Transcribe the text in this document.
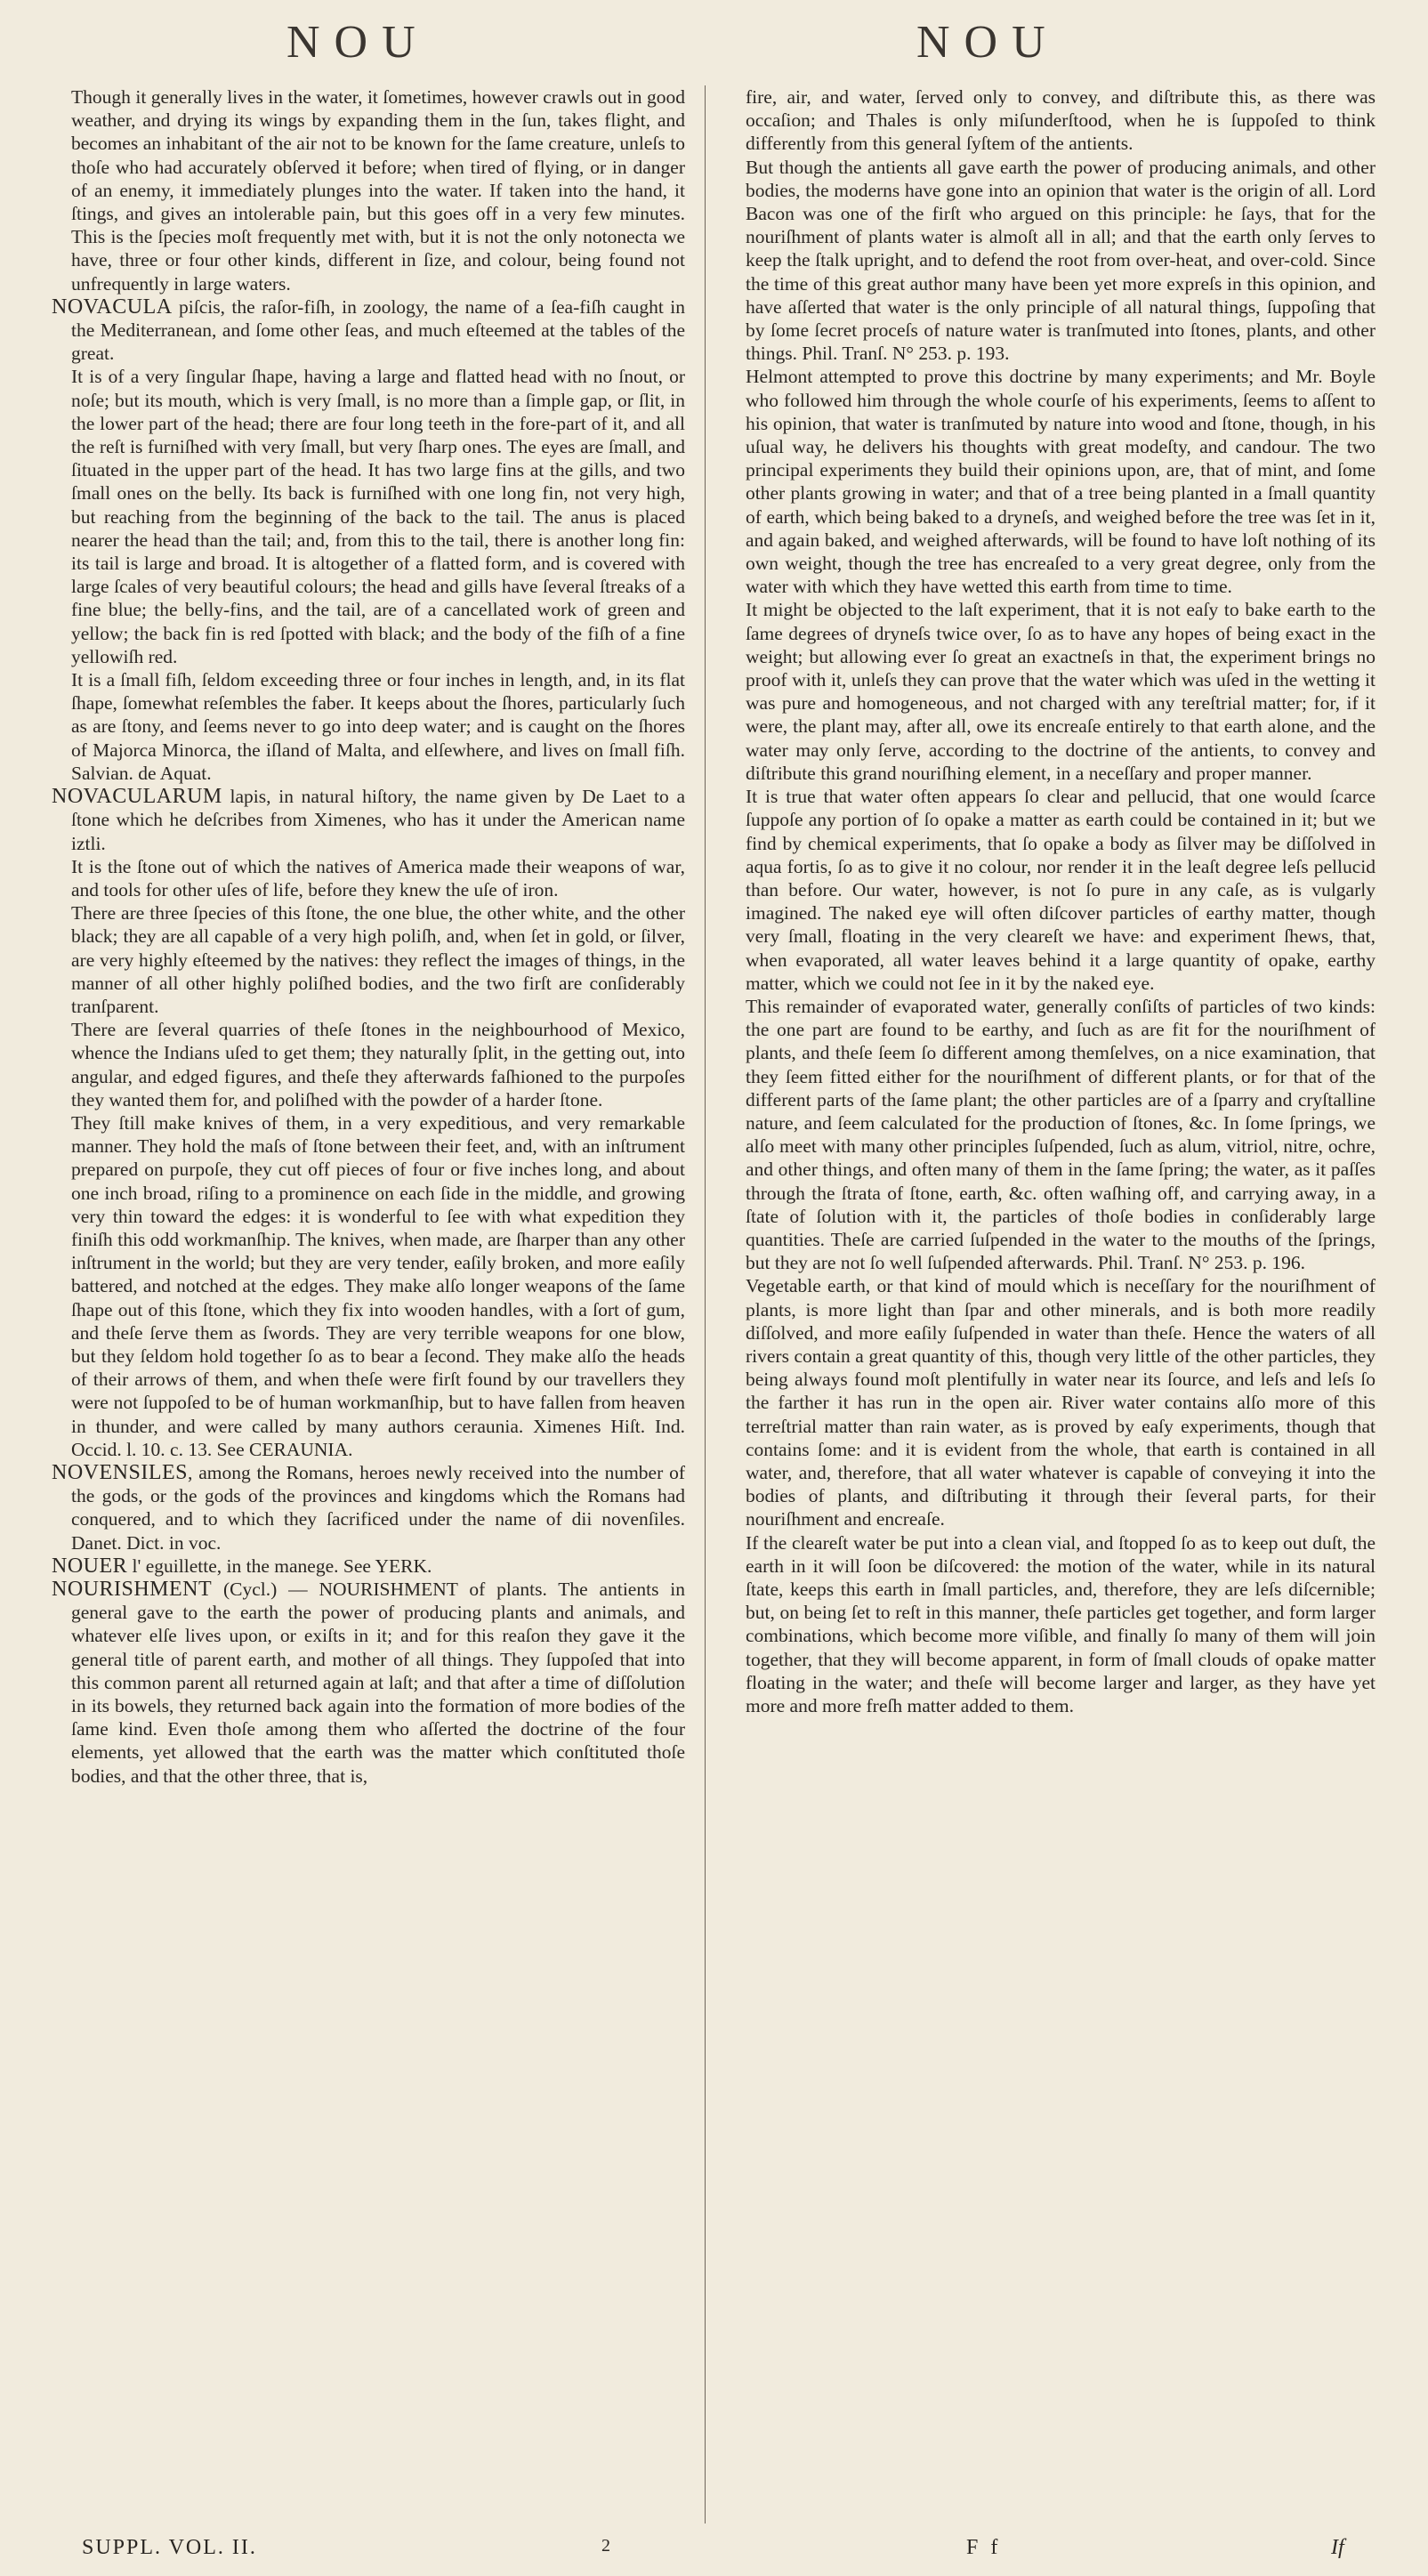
NOU	NOU

Though it generally lives in the water, it ſometimes, however crawls out in good weather, and drying its wings by expanding them in the ſun, takes flight, and becomes an inhabitant of the air not to be known for the ſame creature, unleſs to thoſe who had accurately obſerved it before; when tired of flying, or in danger of an enemy, it immediately plunges into the water. If taken into the hand, it ſtings, and gives an intolerable pain, but this goes off in a very few minutes. This is the ſpecies moſt frequently met with, but it is not the only notonecta we have, three or four other kinds, different in ſize, and colour, being found not unfrequently in large waters.

NOVACULA piſcis, the raſor-fiſh, in zoology, the name of a ſea-fiſh caught in the Mediterranean, and ſome other ſeas, and much eſteemed at the tables of the great.

It is of a very ſingular ſhape, having a large and flatted head with no ſnout, or noſe; but its mouth, which is very ſmall, is no more than a ſimple gap, or ſlit, in the lower part of the head; there are four long teeth in the fore-part of it, and all the reſt is furniſhed with very ſmall, but very ſharp ones. The eyes are ſmall, and ſituated in the upper part of the head. It has two large fins at the gills, and two ſmall ones on the belly. Its back is furniſhed with one long fin, not very high, but reaching from the beginning of the back to the tail. The anus is placed nearer the head than the tail; and, from this to the tail, there is another long fin: its tail is large and broad. It is altogether of a flatted form, and is covered with large ſcales of very beautiful colours; the head and gills have ſeveral ſtreaks of a fine blue; the belly-fins, and the tail, are of a cancellated work of green and yellow; the back fin is red ſpotted with black; and the body of the fiſh of a fine yellowiſh red.

It is a ſmall fiſh, ſeldom exceeding three or four inches in length, and, in its flat ſhape, ſomewhat reſembles the faber. It keeps about the ſhores, particularly ſuch as are ſtony, and ſeems never to go into deep water; and is caught on the ſhores of Majorca Minorca, the iſland of Malta, and elſewhere, and lives on ſmall fiſh. Salvian. de Aquat.

NOVACULARUM lapis, in natural hiſtory, the name given by De Laet to a ſtone which he deſcribes from Ximenes, who has it under the American name iztli.

It is the ſtone out of which the natives of America made their weapons of war, and tools for other uſes of life, before they knew the uſe of iron.

There are three ſpecies of this ſtone, the one blue, the other white, and the other black; they are all capable of a very high poliſh, and, when ſet in gold, or ſilver, are very highly eſteemed by the natives: they reflect the images of things, in the manner of all other highly poliſhed bodies, and the two firſt are conſiderably tranſparent.

There are ſeveral quarries of theſe ſtones in the neighbourhood of Mexico, whence the Indians uſed to get them; they naturally ſplit, in the getting out, into angular, and edged figures, and theſe they afterwards faſhioned to the purpoſes they wanted them for, and poliſhed with the powder of a harder ſtone.

They ſtill make knives of them, in a very expeditious, and very remarkable manner. They hold the maſs of ſtone between their feet, and, with an inſtrument prepared on purpoſe, they cut off pieces of four or five inches long, and about one inch broad, riſing to a prominence on each ſide in the middle, and growing very thin toward the edges: it is wonderful to ſee with what expedition they finiſh this odd workmanſhip. The knives, when made, are ſharper than any other inſtrument in the world; but they are very tender, eaſily broken, and more eaſily battered, and notched at the edges. They make alſo longer weapons of the ſame ſhape out of this ſtone, which they fix into wooden handles, with a ſort of gum, and theſe ſerve them as ſwords. They are very terrible weapons for one blow, but they ſeldom hold together ſo as to bear a ſecond. They make alſo the heads of their arrows of them, and when theſe were firſt found by our travellers they were not ſuppoſed to be of human workmanſhip, but to have fallen from heaven in thunder, and were called by many authors ceraunia. Ximenes Hiſt. Ind. Occid. l. 10. c. 13. See CERAUNIA.

NOVENSILES, among the Romans, heroes newly received into the number of the gods, or the gods of the provinces and kingdoms which the Romans had conquered, and to which they ſacrificed under the name of dii novenſiles. Danet. Dict. in voc.

NOUER l' eguillette, in the manege. See YERK.

NOURISHMENT (Cycl.) — NOURISHMENT of plants. The antients in general gave to the earth the power of producing plants and animals, and whatever elſe lives upon, or exiſts in it; and for this reaſon they gave it the general title of parent earth, and mother of all things. They ſuppoſed that into this common parent all returned again at laſt; and that after a time of diſſolution in its bowels, they returned back again into the formation of more bodies of the ſame kind. Even thoſe among them who aſſerted the doctrine of the four elements, yet allowed that the earth was the matter which conſtituted thoſe bodies, and that the other three, that is,

fire, air, and water, ſerved only to convey, and diſtribute this, as there was occaſion; and Thales is only miſunderſtood, when he is ſuppoſed to think differently from this general ſyſtem of the antients.

But though the antients all gave earth the power of producing animals, and other bodies, the moderns have gone into an opinion that water is the origin of all. Lord Bacon was one of the firſt who argued on this principle: he ſays, that for the nouriſhment of plants water is almoſt all in all; and that the earth only ſerves to keep the ſtalk upright, and to defend the root from over-heat, and over-cold. Since the time of this great author many have been yet more expreſs in this opinion, and have aſſerted that water is the only principle of all natural things, ſuppoſing that by ſome ſecret proceſs of nature water is tranſmuted into ſtones, plants, and other things. Phil. Tranſ. N° 253. p. 193.

Helmont attempted to prove this doctrine by many experiments; and Mr. Boyle who followed him through the whole courſe of his experiments, ſeems to aſſent to his opinion, that water is tranſmuted by nature into wood and ſtone, though, in his uſual way, he delivers his thoughts with great modeſty, and candour. The two principal experiments they build their opinions upon, are, that of mint, and ſome other plants growing in water; and that of a tree being planted in a ſmall quantity of earth, which being baked to a dryneſs, and weighed before the tree was ſet in it, and again baked, and weighed afterwards, will be found to have loſt nothing of its own weight, though the tree has encreaſed to a very great degree, only from the water with which they have wetted this earth from time to time.

It might be objected to the laſt experiment, that it is not eaſy to bake earth to the ſame degrees of dryneſs twice over, ſo as to have any hopes of being exact in the weight; but allowing ever ſo great an exactneſs in that, the experiment brings no proof with it, unleſs they can prove that the water which was uſed in the wetting it was pure and homogeneous, and not charged with any tereſtrial matter; for, if it were, the plant may, after all, owe its encreaſe entirely to that earth alone, and the water may only ſerve, according to the doctrine of the antients, to convey and diſtribute this grand nouriſhing element, in a neceſſary and proper manner.

It is true that water often appears ſo clear and pellucid, that one would ſcarce ſuppoſe any portion of ſo opake a matter as earth could be contained in it; but we find by chemical experiments, that ſo opake a body as ſilver may be diſſolved in aqua fortis, ſo as to give it no colour, nor render it in the leaſt degree leſs pellucid than before. Our water, however, is not ſo pure in any caſe, as is vulgarly imagined. The naked eye will often diſcover particles of earthy matter, though very ſmall, floating in the very cleareſt we have: and experiment ſhews, that, when evaporated, all water leaves behind it a large quantity of opake, earthy matter, which we could not ſee in it by the naked eye.

This remainder of evaporated water, generally conſiſts of particles of two kinds: the one part are found to be earthy, and ſuch as are fit for the nouriſhment of plants, and theſe ſeem ſo different among themſelves, on a nice examination, that they ſeem fitted either for the nouriſhment of different plants, or for that of the different parts of the ſame plant; the other particles are of a ſparry and cryſtalline nature, and ſeem calculated for the production of ſtones, &c. In ſome ſprings, we alſo meet with many other principles ſuſpended, ſuch as alum, vitriol, nitre, ochre, and other things, and often many of them in the ſame ſpring; the water, as it paſſes through the ſtrata of ſtone, earth, &c. often waſhing off, and carrying away, in a ſtate of ſolution with it, the particles of thoſe bodies in conſiderably large quantities. Theſe are carried ſuſpended in the water to the mouths of the ſprings, but they are not ſo well ſuſpended afterwards. Phil. Tranſ. N° 253. p. 196.

Vegetable earth, or that kind of mould which is neceſſary for the nouriſhment of plants, is more light than ſpar and other minerals, and is both more readily diſſolved, and more eaſily ſuſpended in water than theſe. Hence the waters of all rivers contain a great quantity of this, though very little of the other particles, they being always found moſt plentifully in water near its ſource, and leſs and leſs ſo the farther it has run in the open air. River water contains alſo more of this terreſtrial matter than rain water, as is proved by eaſy experiments, though that contains ſome: and it is evident from the whole, that earth is contained in all water, and, therefore, that all water whatever is capable of conveying it into the bodies of plants, and diſtributing it through their ſeveral parts, for their nouriſhment and encreaſe.

If the cleareſt water be put into a clean vial, and ſtopped ſo as to keep out duſt, the earth in it will ſoon be diſcovered: the motion of the water, while in its natural ſtate, keeps this earth in ſmall particles, and, therefore, they are leſs diſcernible; but, on being ſet to reſt in this manner, theſe particles get together, and form larger combinations, which become more viſible, and finally ſo many of them will join together, that they will become apparent, in form of ſmall clouds of opake matter floating in the water; and theſe will become larger and larger, as they have yet more and more freſh matter added to them.

SUPPL. VOL. II.	2	F f	If
